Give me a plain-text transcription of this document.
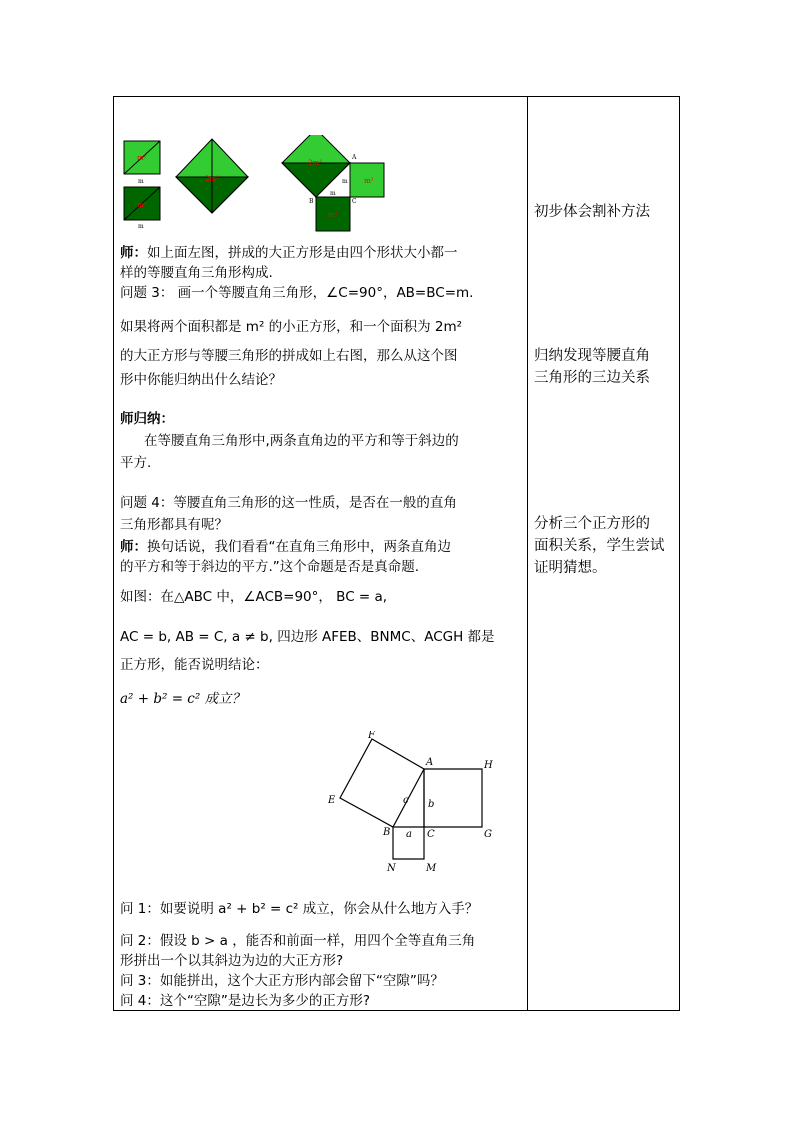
m²
m
m²
m
2m²
2m²
m²
m²
A
B	C
m
m
师：如上面左图，拼成的大正方形是由四个形状大小都一
样的等腰直角三角形构成.
问题 3： 画一个等腰直角三角形，∠C=90°，AB=BC=m.
如果将两个面积都是 m² 的小正方形，和一个面积为 2m²
的大正方形与等腰三角形的拼成如上右图，那么从这个图
形中你能归纳出什么结论？
师归纳：
在等腰直角三角形中,两条直角边的平方和等于斜边的
平方.
问题 4：等腰直角三角形的这一性质，是否在一般的直角
三角形都具有呢？
师：换句话说，我们看看“在直角三角形中，两条直角边
的平方和等于斜边的平方.”这个命题是否是真命题.
如图：在△ABC 中，∠ACB=90°， BC = a,
AC = b, AB = C, a ≠ b, 四边形 AFEB、BNMC、ACGH 都是
正方形，能否说明结论：
a² + b² = c² 成立？
F
A	H
E	c b
B a C	G
N	M
问 1：如要说明 a² + b² = c² 成立，你会从什么地方入手？
问 2：假设 b > a ，能否和前面一样，用四个全等直角三角
形拼出一个以其斜边为边的大正方形?
问 3：如能拼出，这个大正方形内部会留下“空隙”吗？
问 4：这个“空隙”是边长为多少的正方形?
初步体会割补方法
归纳发现等腰直角
三角形的三边关系
分析三个正方形的
面积关系，学生尝试
证明猜想。
